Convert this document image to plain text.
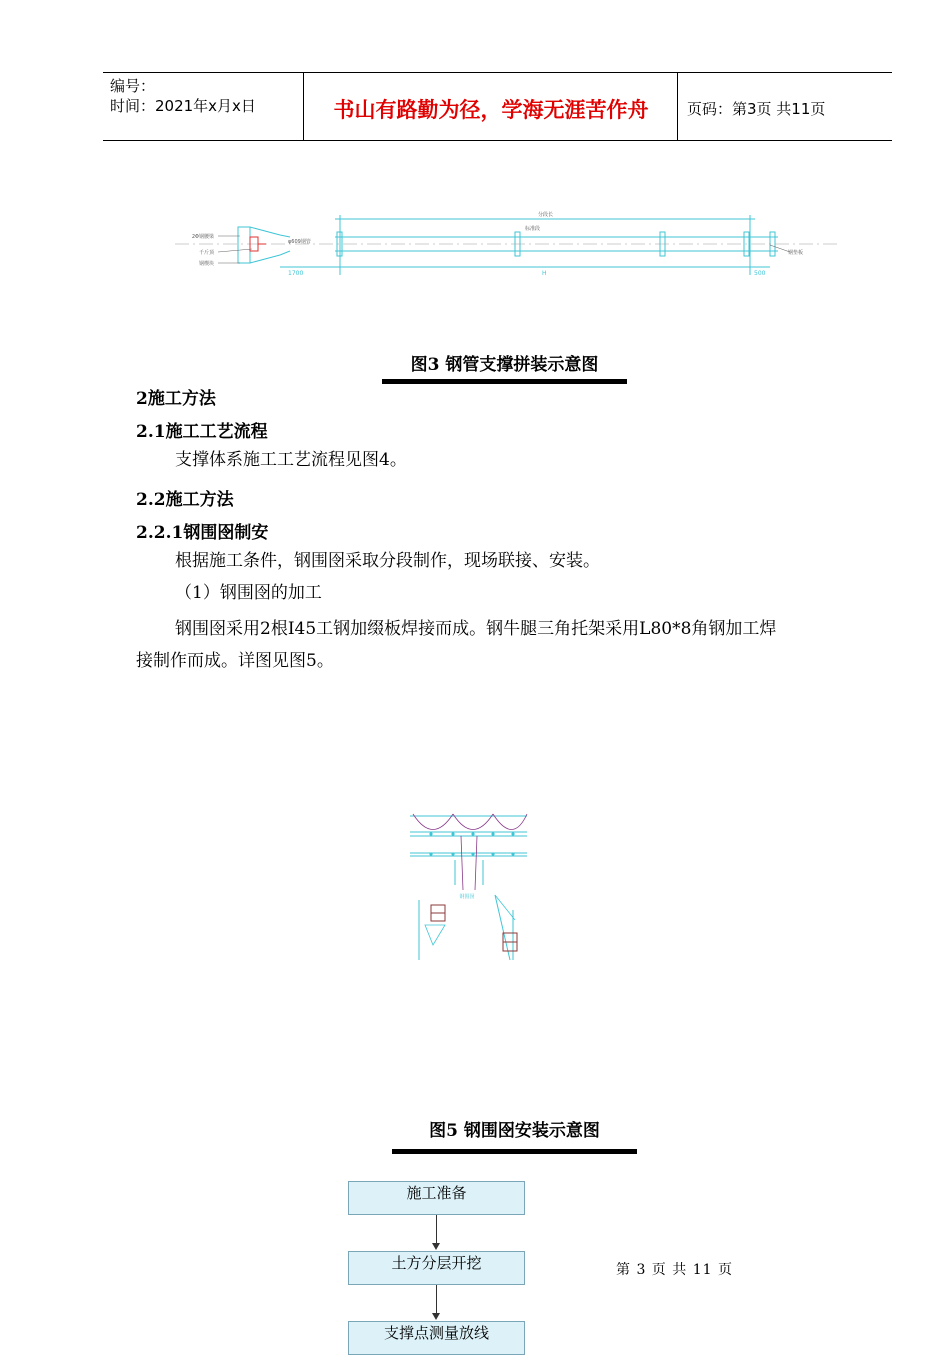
编号：
时间：2021年x月x日	书山有路勤为径，学海无涯苦作舟	页码：第3页 共11页
2Φ钢腰梁
千斤顶
钢楔块
φ609钢管
分段长
标准段
钢垫板
1700	H	500
图3 钢管支撑拼装示意图
2施工方法
2.1施工工艺流程
支撑体系施工工艺流程见图4。
2.2施工方法
2.2.1钢围囹制安
根据施工条件，钢围囹采取分段制作，现场联接、安装。
（1）钢围囹的加工
钢围囹采用2根I45工钢加缀板焊接而成。钢牛腿三角托架采用L80*8角钢加工焊
接制作而成。详图见图5。
钢围囹
图5 钢围囹安装示意图
施工准备
土方分层开挖
支撑点测量放线
第 3 页 共 11 页
